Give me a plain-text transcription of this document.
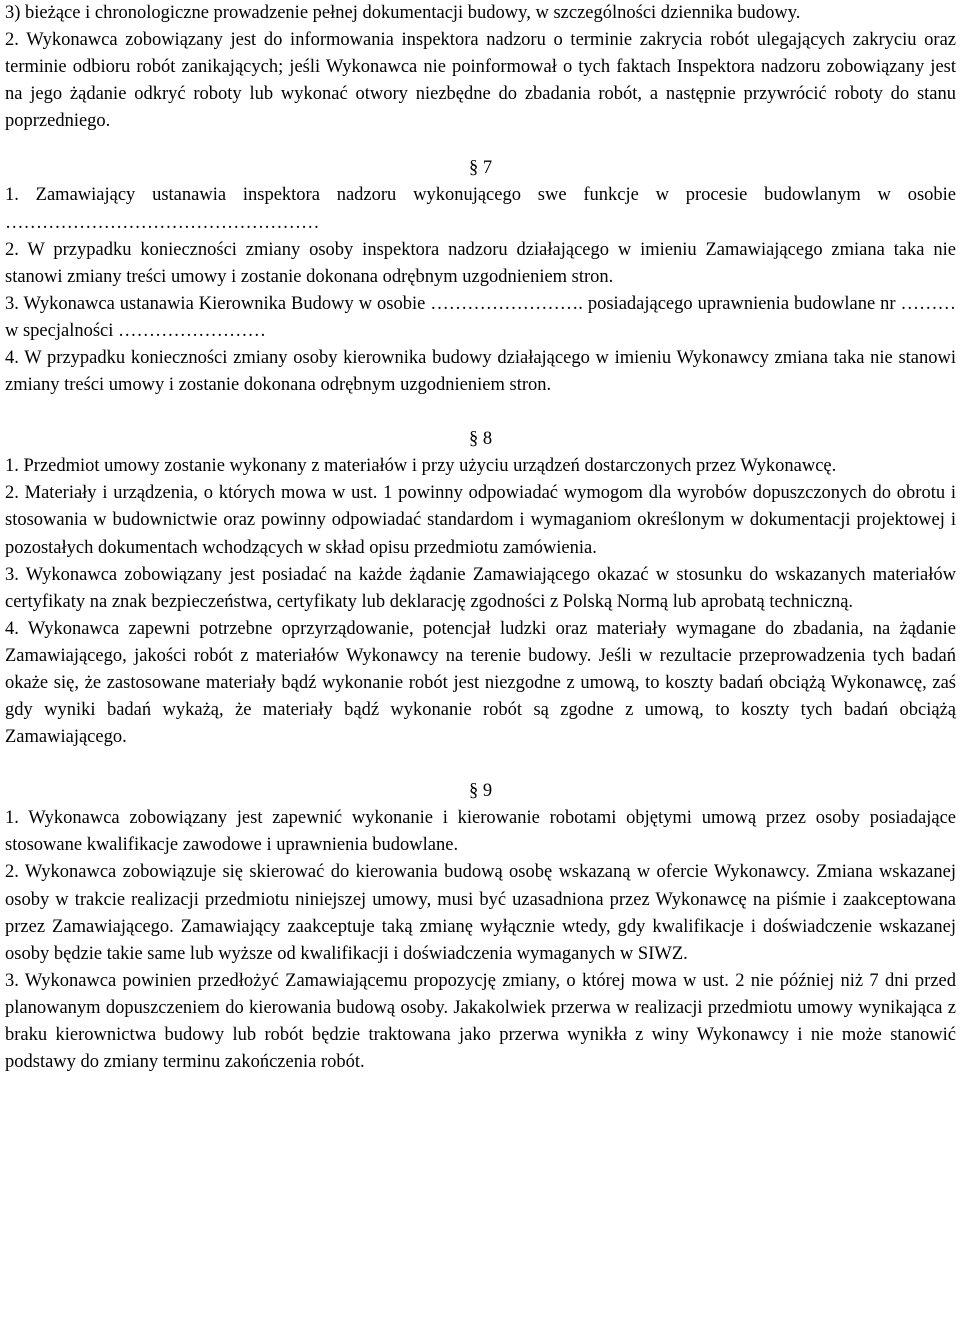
3) bieżące i chronologiczne prowadzenie pełnej dokumentacji budowy, w szczególności dziennika budowy.

2. Wykonawca zobowiązany jest do informowania inspektora nadzoru o terminie zakrycia robót ulegających zakryciu oraz terminie odbioru robót zanikających; jeśli Wykonawca nie poinformował o tych faktach Inspektora nadzoru zobowiązany jest na jego żądanie odkryć roboty lub wykonać otwory niezbędne do zbadania robót, a następnie przywrócić roboty do stanu poprzedniego.

§ 7

1. Zamawiający ustanawia inspektora nadzoru wykonującego swe funkcje w procesie budowlanym w osobie ……………………………………………

2. W przypadku konieczności zmiany osoby inspektora nadzoru działającego w imieniu Zamawiającego zmiana taka nie stanowi zmiany treści umowy i zostanie dokonana odrębnym uzgodnieniem stron.

3. Wykonawca ustanawia Kierownika Budowy w osobie ……………………. posiadającego uprawnienia budowlane nr ……… w specjalności ……………………

4. W przypadku konieczności zmiany osoby kierownika budowy działającego w imieniu Wykonawcy zmiana taka nie stanowi zmiany treści umowy i zostanie dokonana odrębnym uzgodnieniem stron.

§ 8

1. Przedmiot umowy zostanie wykonany z materiałów i przy użyciu urządzeń dostarczonych przez Wykonawcę.

2. Materiały i urządzenia, o których mowa w ust. 1 powinny odpowiadać wymogom dla wyrobów dopuszczonych do obrotu i stosowania w budownictwie oraz powinny odpowiadać standardom i wymaganiom określonym w dokumentacji projektowej i pozostałych dokumentach wchodzących w skład opisu przedmiotu zamówienia.

3. Wykonawca zobowiązany jest posiadać na każde żądanie Zamawiającego okazać w stosunku do wskazanych materiałów certyfikaty na znak bezpieczeństwa, certyfikaty lub deklarację zgodności z Polską Normą lub aprobatą techniczną.

4. Wykonawca zapewni potrzebne oprzyrządowanie, potencjał ludzki oraz materiały wymagane do zbadania, na żądanie Zamawiającego, jakości robót z materiałów Wykonawcy na terenie budowy. Jeśli w rezultacie przeprowadzenia tych badań okaże się, że zastosowane materiały bądź wykonanie robót jest niezgodne z umową, to koszty badań obciążą Wykonawcę, zaś gdy wyniki badań wykażą, że materiały bądź wykonanie robót są zgodne z umową, to koszty tych badań obciążą Zamawiającego.

§ 9

1. Wykonawca zobowiązany jest zapewnić wykonanie i kierowanie robotami objętymi umową przez osoby posiadające stosowane kwalifikacje zawodowe i uprawnienia budowlane.

2. Wykonawca zobowiązuje się skierować do kierowania budową osobę wskazaną w ofercie Wykonawcy. Zmiana wskazanej osoby w trakcie realizacji przedmiotu niniejszej umowy, musi być uzasadniona przez Wykonawcę na piśmie i zaakceptowana przez Zamawiającego. Zamawiający zaakceptuje taką zmianę wyłącznie wtedy, gdy kwalifikacje i doświadczenie wskazanej osoby będzie takie same lub wyższe od kwalifikacji i doświadczenia wymaganych w SIWZ.

3. Wykonawca powinien przedłożyć Zamawiającemu propozycję zmiany, o której mowa w ust. 2 nie później niż 7 dni przed planowanym dopuszczeniem do kierowania budową osoby. Jakakolwiek przerwa w realizacji przedmiotu umowy wynikająca z braku kierownictwa budowy lub robót będzie traktowana jako przerwa wynikła z winy Wykonawcy i nie może stanowić podstawy do zmiany terminu zakończenia robót.
